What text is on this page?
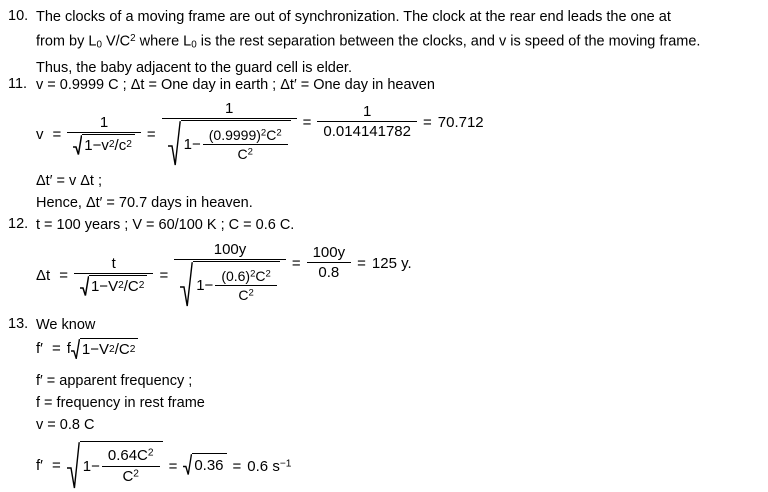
10. The clocks of a moving frame are out of synchronization. The clock at the rear end leads the one at
from by $L_0$ $V/C^2$ where $L_0$ is the rest separation between the clocks, and v is speed of the moving frame.
Thus, the baby adjacent to the guard cell is elder.
11. v = 0.9999 C ; Δt = One day in earth ; Δt′ = One day in heaven
$v = \frac{1}{1- v 2 / c 2} = \frac{1}{1- \frac{(0.9999)^2C^2}{C^2}} = \frac{1}{0.014141782} = 70.712$
Δt′ = v Δt ;
Hence, Δt′ = 70.7 days in heaven.
12. t = 100 years ; V = 60/100 K ; C = 0.6 C.
$\Delta t = \frac{t}{1- V 2 / C 2} = \frac{100y}{1- \frac{(0.6)^2C^2}{C^2}} = \frac{100y}{0.8} = 125$ y.
13. We know
f′ = f 1− V 2 / C 2
f′ = apparent frequency ;
f = frequency in rest frame
v = 0.8 C
f′ =	$1- \frac{0.64C^2}{C^2}$ =	0.36 = 0.6 $s^{-1}$
